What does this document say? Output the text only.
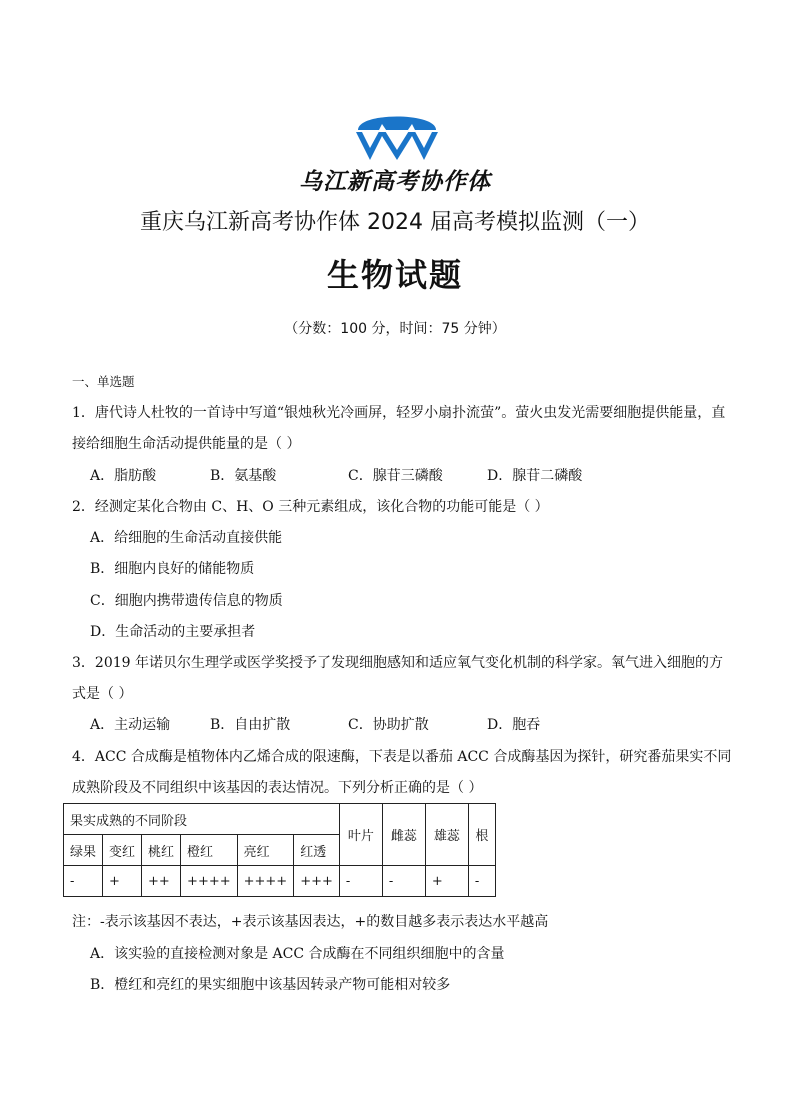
乌江新高考协作体
重庆乌江新高考协作体 2024 届高考模拟监测（一）
生物试题
（分数：100 分，时间：75 分钟）
一、单选题
1．唐代诗人杜牧的一首诗中写道“银烛秋光冷画屏，轻罗小扇扑流萤”。萤火虫发光需要细胞提供能量，直
接给细胞生命活动提供能量的是（ ）
A．脂肪酸	B．氨基酸	C．腺苷三磷酸	D．腺苷二磷酸
2．经测定某化合物由 C、H、O 三种元素组成，该化合物的功能可能是（ ）
A．给细胞的生命活动直接供能
B．细胞内良好的储能物质
C．细胞内携带遗传信息的物质
D．生命活动的主要承担者
3．2019 年诺贝尔生理学或医学奖授予了发现细胞感知和适应氧气变化机制的科学家。氧气进入细胞的方
式是（ ）
A．主动运输	B．自由扩散	C．协助扩散	D．胞吞
4．ACC 合成酶是植物体内乙烯合成的限速酶，下表是以番茄 ACC 合成酶基因为探针，研究番茄果实不同
成熟阶段及不同组织中该基因的表达情况。下列分析正确的是（ ）
果实成熟的不同阶段						叶片	雌蕊	雄蕊	根
绿果	变红	桃红	橙红	亮红	红透				
-	+	++	++++	++++	+++	-	-	+	-
注：-表示该基因不表达，+表示该基因表达，+的数目越多表示表达水平越高
A．该实验的直接检测对象是 ACC 合成酶在不同组织细胞中的含量
B．橙红和亮红的果实细胞中该基因转录产物可能相对较多
